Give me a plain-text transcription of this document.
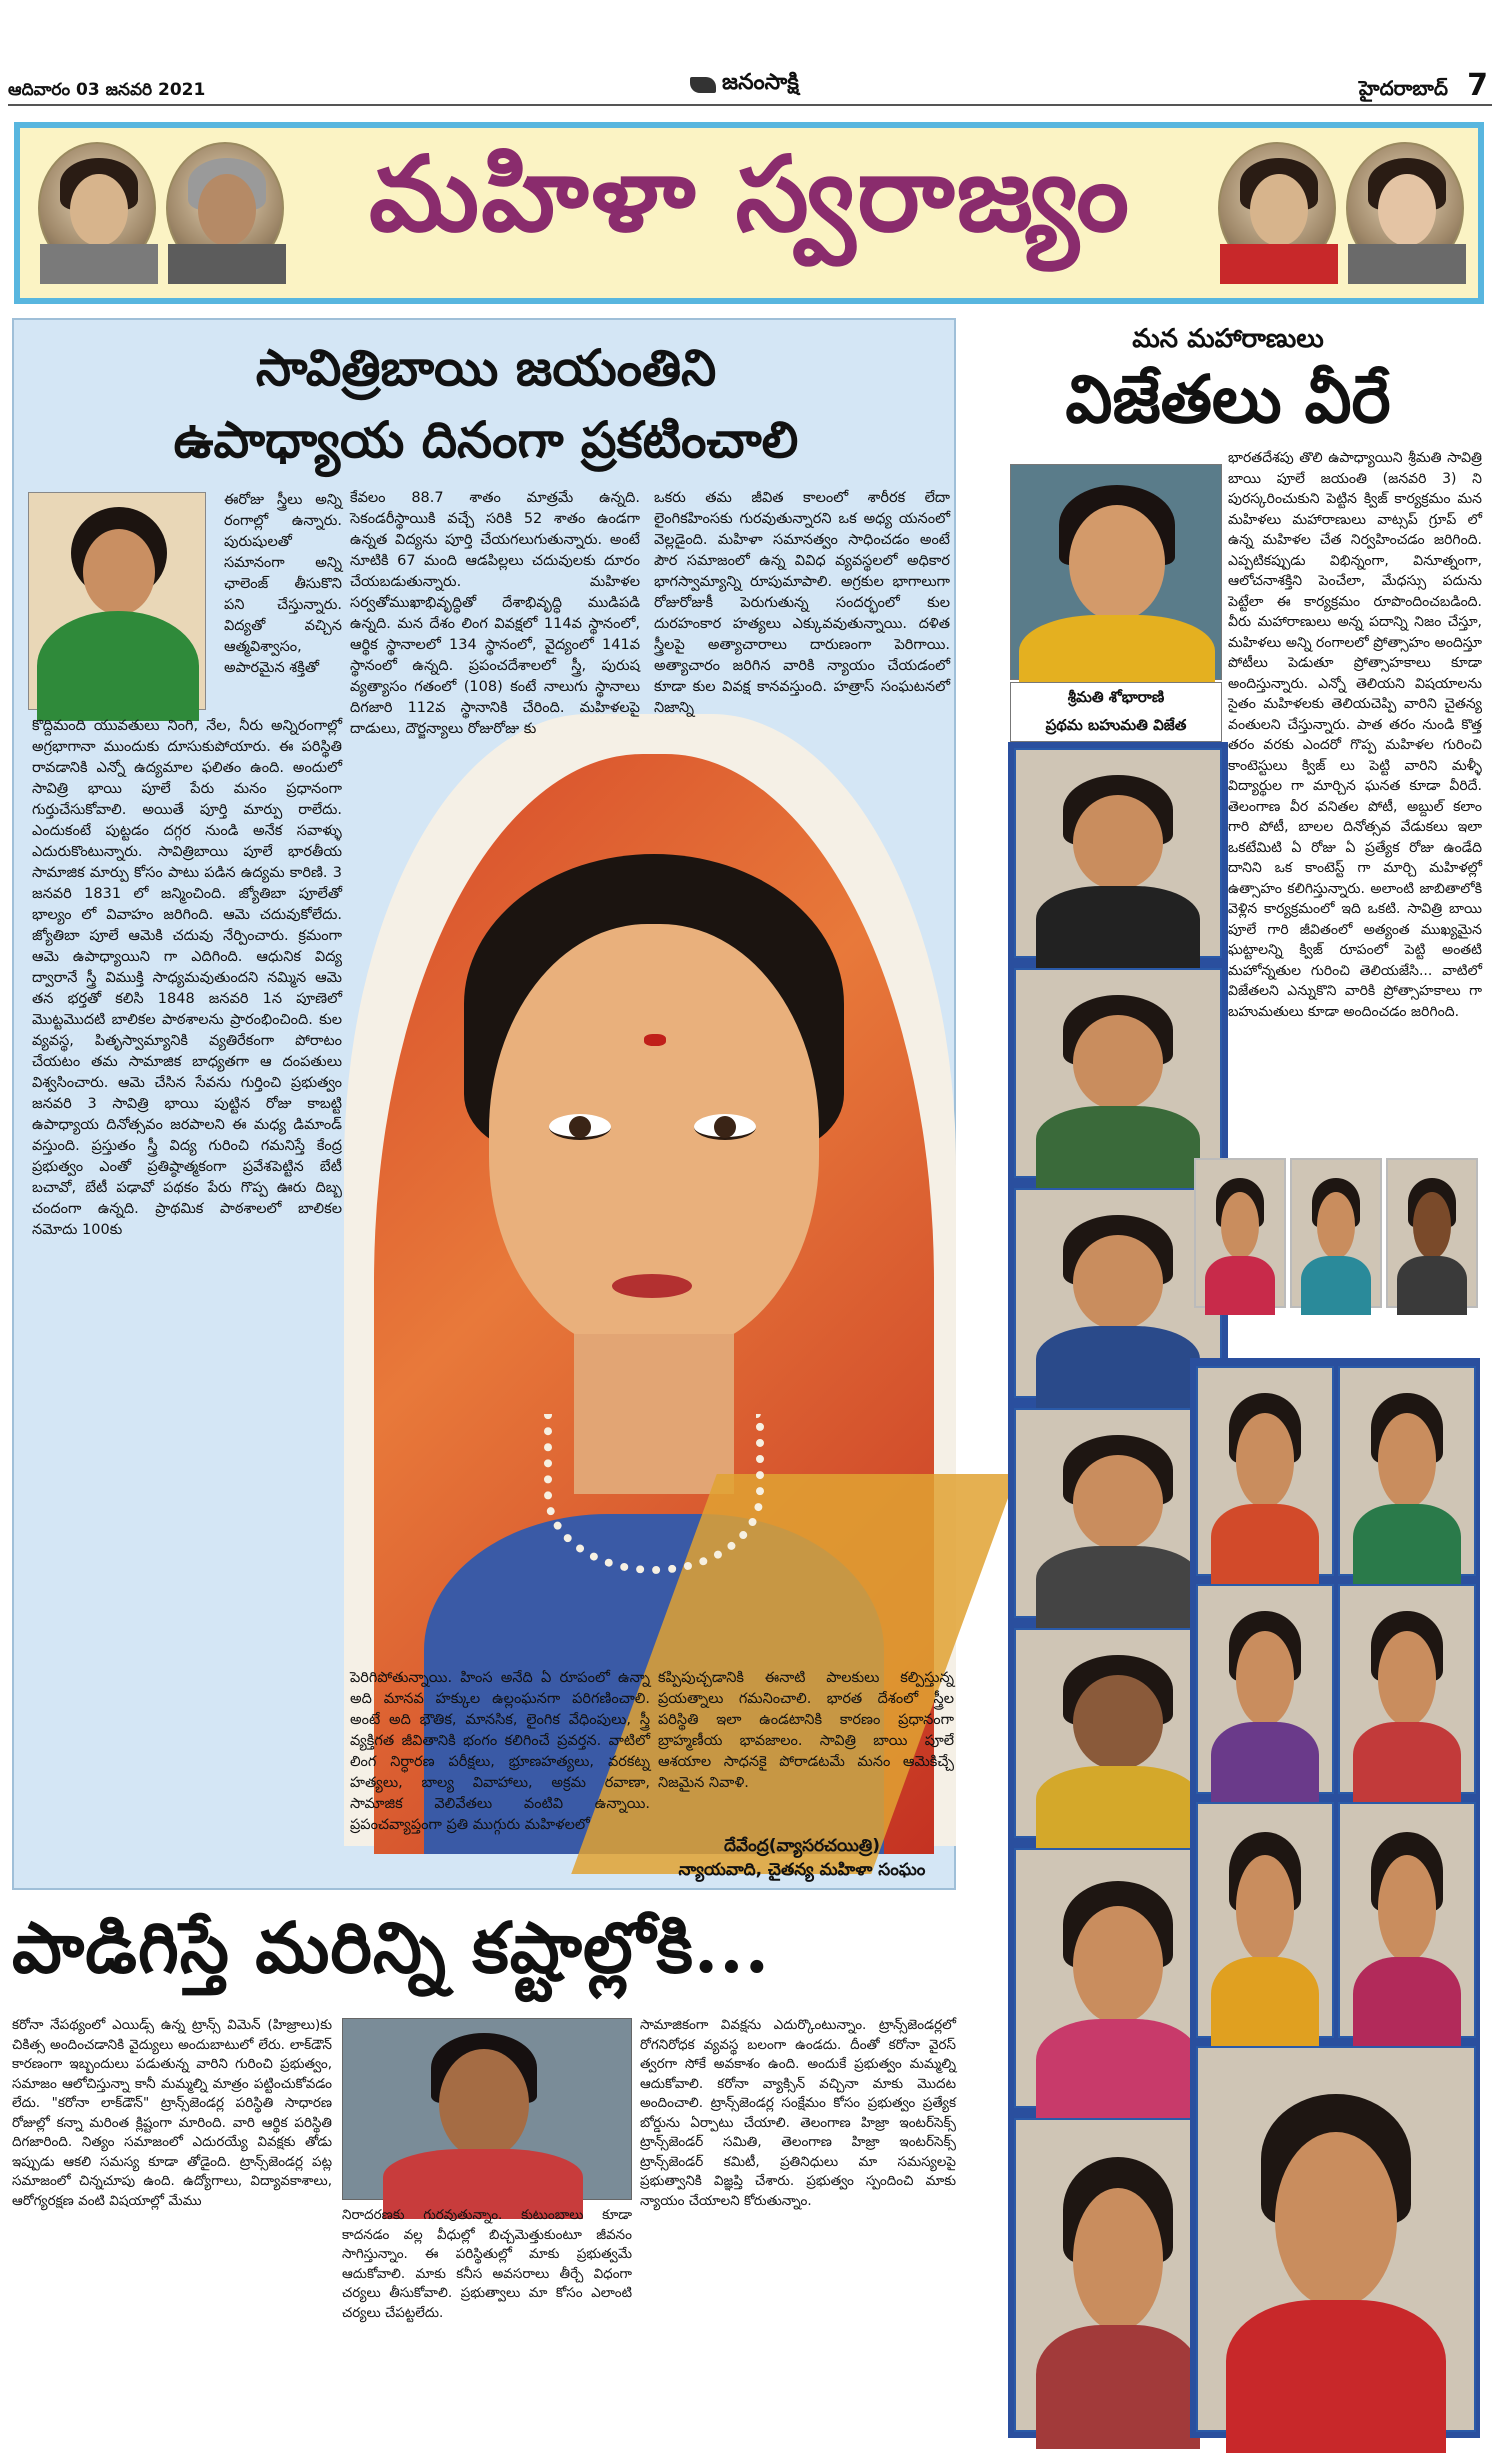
ఆదివారం 03 జనవరి 2021	జనంసాక్షి	హైదరాబాద్ 7
మహిళా స్వరాజ్యం
సావిత్రిబాయి జయంతిని
ఉపాధ్యాయ దినంగా ప్రకటించాలి
ఈరోజు స్త్రీలు అన్ని రంగాల్లో ఉన్నారు. పురుషులతో సమానంగా అన్ని ఛాలెంజ్ తీసుకొని పని చేస్తున్నారు. విద్యతో వచ్చిన ఆత్మవిశ్వాసం, అపారమైన శక్తితో
కేవలం 88.7 శాతం మాత్రమే ఉన్నది. సెకండరీస్థాయికి వచ్చే సరికి 52 శాతం ఉండగా ఉన్నత విద్యను పూర్తి చేయగలుగుతున్నారు. అంటే నూటికి 67 మంది ఆడపిల్లలు చదువులకు దూరం చేయబడుతున్నారు. మహిళల సర్వతోముఖాభివృద్ధితో దేశాభివృద్ధి ముడిపడి ఉన్నది. మన దేశం లింగ వివక్షలో 114వ స్థానంలో, ఆర్థిక స్థానాలలో 134 స్థానంలో, వైద్యంలో 141వ స్థానంలో ఉన్నది. ప్రపంచదేశాలలో స్త్రీ, పురుష వ్యత్యాసం గతంలో (108) కంటే నాలుగు స్థానాలు దిగజారి 112వ స్థానానికి చేరింది. మహిళలపై దాడులు, దౌర్జన్యాలు రోజురోజు కు
ఒకరు తమ జీవిత కాలంలో శారీరక లేదా లైంగికహింసకు గురవుతున్నారని ఒక అధ్య యనంలో వెల్లడైంది. మహిళా సమానత్వం సాధించడం అంటే పౌర సమాజంలో ఉన్న వివిధ వ్యవస్థలలో అధికార భాగస్వామ్యాన్ని రూపుమాపాలి. అగ్రకుల భాగాలుగా రోజురోజుకీ పెరుగుతున్న సందర్భంలో కుల దురహంకార హత్యలు ఎక్కువవుతున్నాయి. దళిత స్త్రీలపై అత్యాచారాలు దారుణంగా పెరిగాయి. అత్యాచారం జరిగిన వారికి న్యాయం చేయడంలో కూడా కుల వివక్ష కానవస్తుంది. హత్రాస్ సంఘటనలో నిజాన్ని
కొద్దిమంది యువతులు నింగి, నేల, నీరు అన్నిరంగాల్లో అగ్రభాగానా ముందుకు దూసుకుపోయారు. ఈ పరిస్థితి రావడానికి ఎన్నో ఉద్యమాల ఫలితం ఉంది. అందులో సావిత్రి భాయి పూలే పేరు మనం ప్రధానంగా గుర్తుచేసుకోవాలి. అయితే పూర్తి మార్పు రాలేదు. ఎందుకంటే పుట్టడం దగ్గర నుండి అనేక సవాళ్ళు ఎదురుకొంటున్నారు. సావిత్రిబాయి పూలే భారతీయ సామాజిక మార్పు కోసం పాటు పడిన ఉద్యమ కారిణి. 3 జనవరి 1831 లో జన్మించింది. జ్యోతిబా పూలేతో భాల్యం లో వివాహం జరిగింది. ఆమె చదువుకోలేదు. జ్యోతిబా పూలే ఆమెకి చదువు నేర్పించారు. క్రమంగా ఆమె ఉపాధ్యాయిని గా ఎదిగింది. ఆధునిక విద్య ద్వారానే స్త్రీ విముక్తి సాధ్యమవుతుందని నమ్మిన ఆమె తన భర్తతో కలిసి 1848 జనవరి 1న పూణెలో మొట్టమొదటి బాలికల పాఠశాలను ప్రారంభించింది. కుల వ్యవస్థ, పితృస్వామ్యానికి వ్యతిరేకంగా పోరాటం చేయటం తమ సామాజిక బాధ్యతగా ఆ దంపతులు విశ్వసించారు. ఆమె చేసిన సేవను గుర్తించి ప్రభుత్వం జనవరి 3 సావిత్రి భాయి పుట్టిన రోజు కాబట్టి ఉపాధ్యాయ దినోత్సవం జరపాలని ఈ మధ్య డిమాండ్ వస్తుంది. ప్రస్తుతం స్త్రీ విద్య గురించి గమనిస్తే కేంద్ర ప్రభుత్వం ఎంతో ప్రతిష్ఠాత్మకంగా ప్రవేశపెట్టిన బేటీ బచావో, బేటీ పఢావో పథకం పేరు గొప్ప ఊరు దిబ్బ చందంగా ఉన్నది. ప్రాథమిక పాఠశాలలో బాలికల నమోదు 100కు
పెరిగిపోతున్నాయి. హింస అనేది ఏ రూపంలో ఉన్నా అది మానవ హక్కుల ఉల్లంఘనగా పరిగణించాలి. అంటే అది భౌతిక, మానసిక, లైంగిక వేధింపులు, స్త్రీ వ్యక్తిగత జీవితానికి భంగం కలిగించే ప్రవర్తన. వాటిలో లింగ నిర్ధారణ పరీక్షలు, భ్రూణహత్యలు, వరకట్న హత్యలు, బాల్య వివాహాలు, అక్రమ రవాణా, సామాజిక వెలివేతలు వంటివి ఉన్నాయి. ప్రపంచవ్యాప్తంగా ప్రతి ముగ్గురు మహిళలలో
కప్పిపుచ్చడానికి ఈనాటి పాలకులు కల్పిస్తున్న ప్రయత్నాలు గమనించాలి. భారత దేశంలో స్త్రీల పరిస్థితి ఇలా ఉండటానికి కారణం ప్రధానంగా బ్రాహ్మణీయ భావజాలం. సావిత్రి బాయి పూలే ఆశయాల సాధనకై పోరాడటమే మనం ఆమెకిచ్చే నిజమైన నివాళి.
దేవేంద్ర(వ్యాసరచయిత్రి)
న్యాయవాది, చైతన్య మహిళా సంఘం
మన మహారాణులు
విజేతలు వీరే
శ్రీమతి శోభారాణి
ప్రథమ బహుమతి విజేత
భారతదేశపు తొలి ఉపాధ్యాయిని శ్రీమతి సావిత్రి బాయి పూలే జయంతి (జనవరి 3) ని పురస్కరించుకుని పెట్టిన క్విజ్ కార్యక్రమం మన మహిళలు మహారాణులు వాట్సప్ గ్రూప్ లో ఉన్న మహిళల చేత నిర్వహించడం జరిగింది. ఎప్పటికప్పుడు విభిన్నంగా, వినూత్నంగా, ఆలోచనాశక్తిని పెంచేలా, మేధస్సు పదును పెట్టేలా ఈ కార్యక్రమం రూపొందించబడింది. వీరు మహారాణులు అన్న పదాన్ని నిజం చేస్తూ, మహిళలు అన్ని రంగాలలో ప్రోత్సాహం అందిస్తూ పోటీలు పెడుతూ ప్రోత్సాహకాలు కూడా అందిస్తున్నారు. ఎన్నో తెలియని విషయాలను సైతం మహిళలకు తెలియచెప్పి వారిని చైతన్య వంతులని చేస్తున్నారు. పాత తరం నుండి కొత్త తరం వరకు ఎందరో గొప్ప మహిళల గురించి కాంటెస్టులు క్విజ్ లు పెట్టి వారిని మళ్ళీ విద్యార్థుల గా మార్చిన ఘనత కూడా వీరిదే. తెలంగాణ వీర వనితల పోటీ, అబ్దుల్ కలాం గారి పోటీ, బాలల దినోత్సవ వేడుకలు ఇలా ఒకటేమిటి ఏ రోజు ఏ ప్రత్యేక రోజు ఉండేది దానిని ఒక కాంటెస్ట్ గా మార్చి మహిళల్లో ఉత్సాహం కలిగిస్తున్నారు. అలాంటి జాబితాలోకి వెళ్లిన కార్యక్రమంలో ఇది ఒకటి. సావిత్రి బాయి పూలే గారి జీవితంలో అత్యంత ముఖ్యమైన ఘట్టాలన్ని క్విజ్ రూపంలో పెట్టి అంతటి మహోన్నతుల గురించి తెలియజేసి... వాటిలో విజేతలని ఎన్నుకొని వారికి ప్రోత్సాహకాలు గా బహుమతులు కూడా అందించడం జరిగింది.
పాడిగిస్తే మరిన్ని కష్టాల్లోకి...
కరోనా నేపథ్యంలో ఎయిడ్స్ ఉన్న ట్రాన్స్ విమెన్ (హిజ్రాలు)కు చికిత్స అందించడానికి వైద్యులు అందుబాటులో లేరు. లాక్‌డౌన్ కారణంగా ఇబ్బందులు పడుతున్న వారిని గురించి ప్రభుత్వం, సమాజం ఆలోచిస్తున్నా కానీ మమ్మల్ని మాత్రం పట్టించుకోవడం లేదు. "కరోనా లాక్‌డౌన్" ట్రాన్స్‌జెండర్ల పరిస్థితి సాధారణ రోజుల్లో కన్నా మరింత క్లిష్టంగా మారింది. వారి ఆర్థిక పరిస్థితి దిగజారింది. నిత్యం సమాజంలో ఎదురయ్యే వివక్షకు తోడు ఇప్పుడు ఆకలి సమస్య కూడా తోడైంది. ట్రాన్స్‌జెండర్ల పట్ల సమాజంలో చిన్నచూపు ఉంది. ఉద్యోగాలు, విద్యావకాశాలు, ఆరోగ్యరక్షణ వంటి విషయాల్లో మేము
నిరాదరణకు గురవుతున్నాం. కుటుంబాలు కూడా కాదనడం వల్ల వీధుల్లో బిచ్చమెత్తుకుంటూ జీవనం సాగిస్తున్నాం. ఈ పరిస్థితుల్లో మాకు ప్రభుత్వమే ఆదుకోవాలి. మాకు కనీస అవసరాలు తీర్చే విధంగా చర్యలు తీసుకోవాలి. ప్రభుత్వాలు మా కోసం ఎలాంటి చర్యలు చేపట్టలేదు.
సామాజికంగా వివక్షను ఎదుర్కొంటున్నాం. ట్రాన్స్‌జెండర్లలో రోగనిరోధక వ్యవస్థ బలంగా ఉండదు. దీంతో కరోనా వైరస్ త్వరగా సోకే అవకాశం ఉంది. అందుకే ప్రభుత్వం మమ్మల్ని ఆదుకోవాలి. కరోనా వ్యాక్సిన్ వచ్చినా మాకు మొదట అందించాలి. ట్రాన్స్‌జెండర్ల సంక్షేమం కోసం ప్రభుత్వం ప్రత్యేక బోర్డును ఏర్పాటు చేయాలి. తెలంగాణ హిజ్రా ఇంటర్‌సెక్స్ ట్రాన్స్‌జెండర్ సమితి, తెలంగాణ హిజ్రా ఇంటర్‌సెక్స్ ట్రాన్స్‌జెండర్ కమిటీ, ప్రతినిధులు మా సమస్యలపై ప్రభుత్వానికి విజ్ఞప్తి చేశారు. ప్రభుత్వం స్పందించి మాకు న్యాయం చేయాలని కోరుతున్నాం.
